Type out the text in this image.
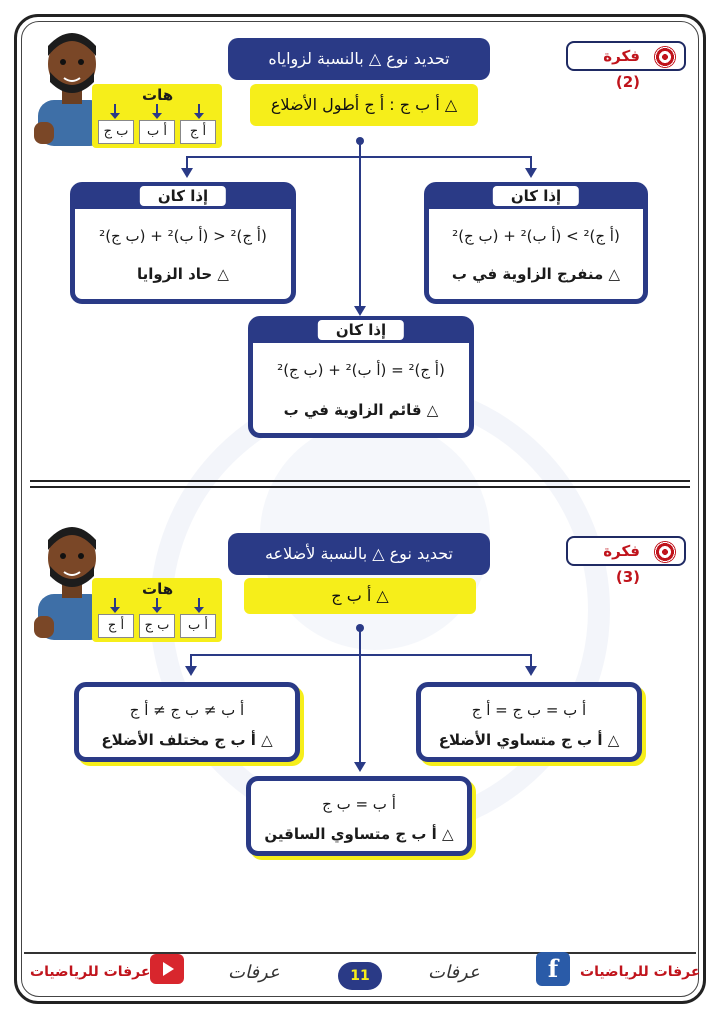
فكرة (2)
تحديد نوع △ بالنسبة لزواياه
△ أ ب ج : أ ج أطول الأضلاع
هات
أ ج
أ ب
ب ج
إذا كان
(أ ج)² > (أ ب)² + (ب ج)²
△ منفرج الزاوية في ب
إذا كان
(أ ج)² < (أ ب)² + (ب ج)²
△ حاد الزوايا
إذا كان
(أ ج)² = (أ ب)² + (ب ج)²
△ قائم الزاوية في ب
فكرة (3)
تحديد نوع △ بالنسبة لأضلاعه
△ أ ب ج
هات
أ ج	ب ج	أ ب
أ ب = ب ج = أ ج
△ أ ب ج متساوي الأضلاع
أ ب ≠ ب ج ≠ أ ج
△ أ ب ج مختلف الأضلاع
أ ب = ب ج
△ أ ب ج متساوي الساقين
f	عرفات للرياضيات
عرفات للرياضيات	11
عرفات	عرفات
